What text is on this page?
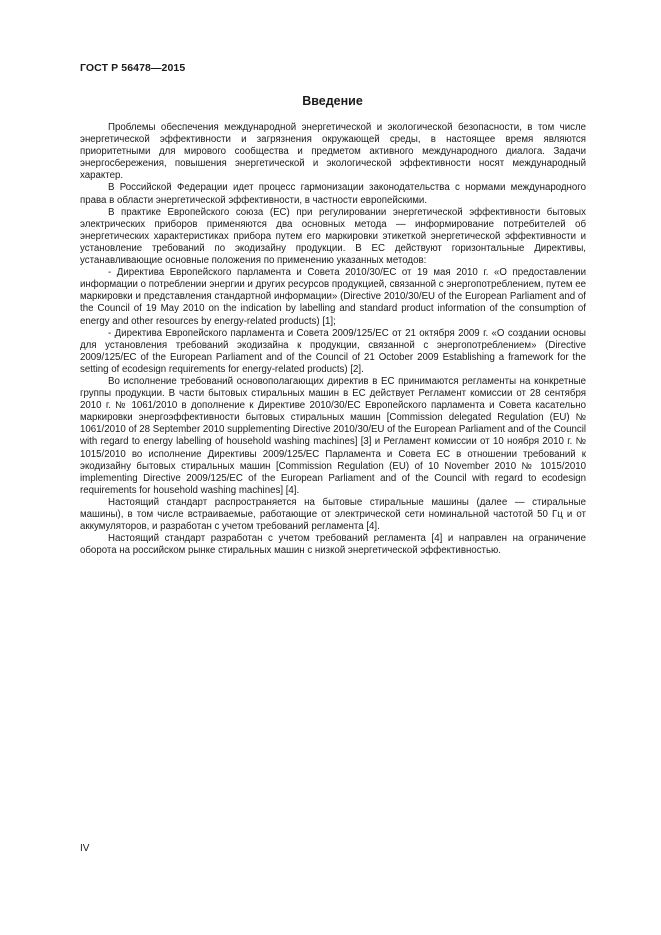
ГОСТ Р 56478—2015
Введение

Проблемы обеспечения международной энергетической и экологической безопасности, в том числе энергетической эффективности и загрязнения окружающей среды, в настоящее время являются приоритетными для мирового сообщества и предметом активного международного диалога. Задачи энергосбережения, повышения энергетической и экологической эффективности носят международный характер.

В Российской Федерации идет процесс гармонизации законодательства с нормами международного права в области энергетической эффективности, в частности европейскими.

В практике Европейского союза (ЕС) при регулировании энергетической эффективности бытовых электрических приборов применяются два основных метода — информирование потребителей об энергетических характеристиках прибора путем его маркировки этикеткой энергетической эффективности и установление требований по экодизайну продукции. В ЕС действуют горизонтальные Директивы, устанавливающие основные положения по применению указанных методов:

- Директива Европейского парламента и Совета 2010/30/ЕС от 19 мая 2010 г. «О предоставлении информации о потреблении энергии и других ресурсов продукцией, связанной с энергопотреблением, путем ее маркировки и представления стандартной информации» (Directive 2010/30/EU of the European Parliament and of the Council of 19 May 2010 on the indication by labelling and standard product information of the consumption of energy and other resources by energy-related products) [1];

- Директива Европейского парламента и Совета 2009/125/ЕС от 21 октября 2009 г. «О создании основы для установления требований экодизайна к продукции, связанной с энергопотреблением» (Directive 2009/125/EC of the European Parliament and of the Council of 21 October 2009 Establishing a framework for the setting of ecodesign requirements for energy-related products) [2].

Во исполнение требований основополагающих директив в ЕС принимаются регламенты на конкретные группы продукции. В части бытовых стиральных машин в ЕС действует Регламент комиссии от 28 сентября 2010 г. № 1061/2010 в дополнение к Директиве 2010/30/ЕС Европейского парламента и Совета касательно маркировки энергоэффективности бытовых стиральных машин [Commission delegated Regulation (EU) № 1061/2010 of 28 September 2010 supplementing Directive 2010/30/EU of the European Parliament and of the Council with regard to energy labelling of household washing machines] [3] и Регламент комиссии от 10 ноября 2010 г. № 1015/2010 во исполнение Директивы 2009/125/ЕС Парламента и Совета ЕС в отношении требований к экодизайну бытовых стиральных машин [Commission Regulation (EU) of 10 November 2010 № 1015/2010 implementing Directive 2009/125/EC of the European Parliament and of the Council with regard to ecodesign requirements for household washing machines] [4].

Настоящий стандарт распространяется на бытовые стиральные машины (далее — стиральные машины), в том числе встраиваемые, работающие от электрической сети номинальной частотой 50 Гц и от аккумуляторов, и разработан с учетом требований регламента [4].

Настоящий стандарт разработан с учетом требований регламента [4] и направлен на ограничение оборота на российском рынке стиральных машин с низкой энергетической эффективностью.

IV
